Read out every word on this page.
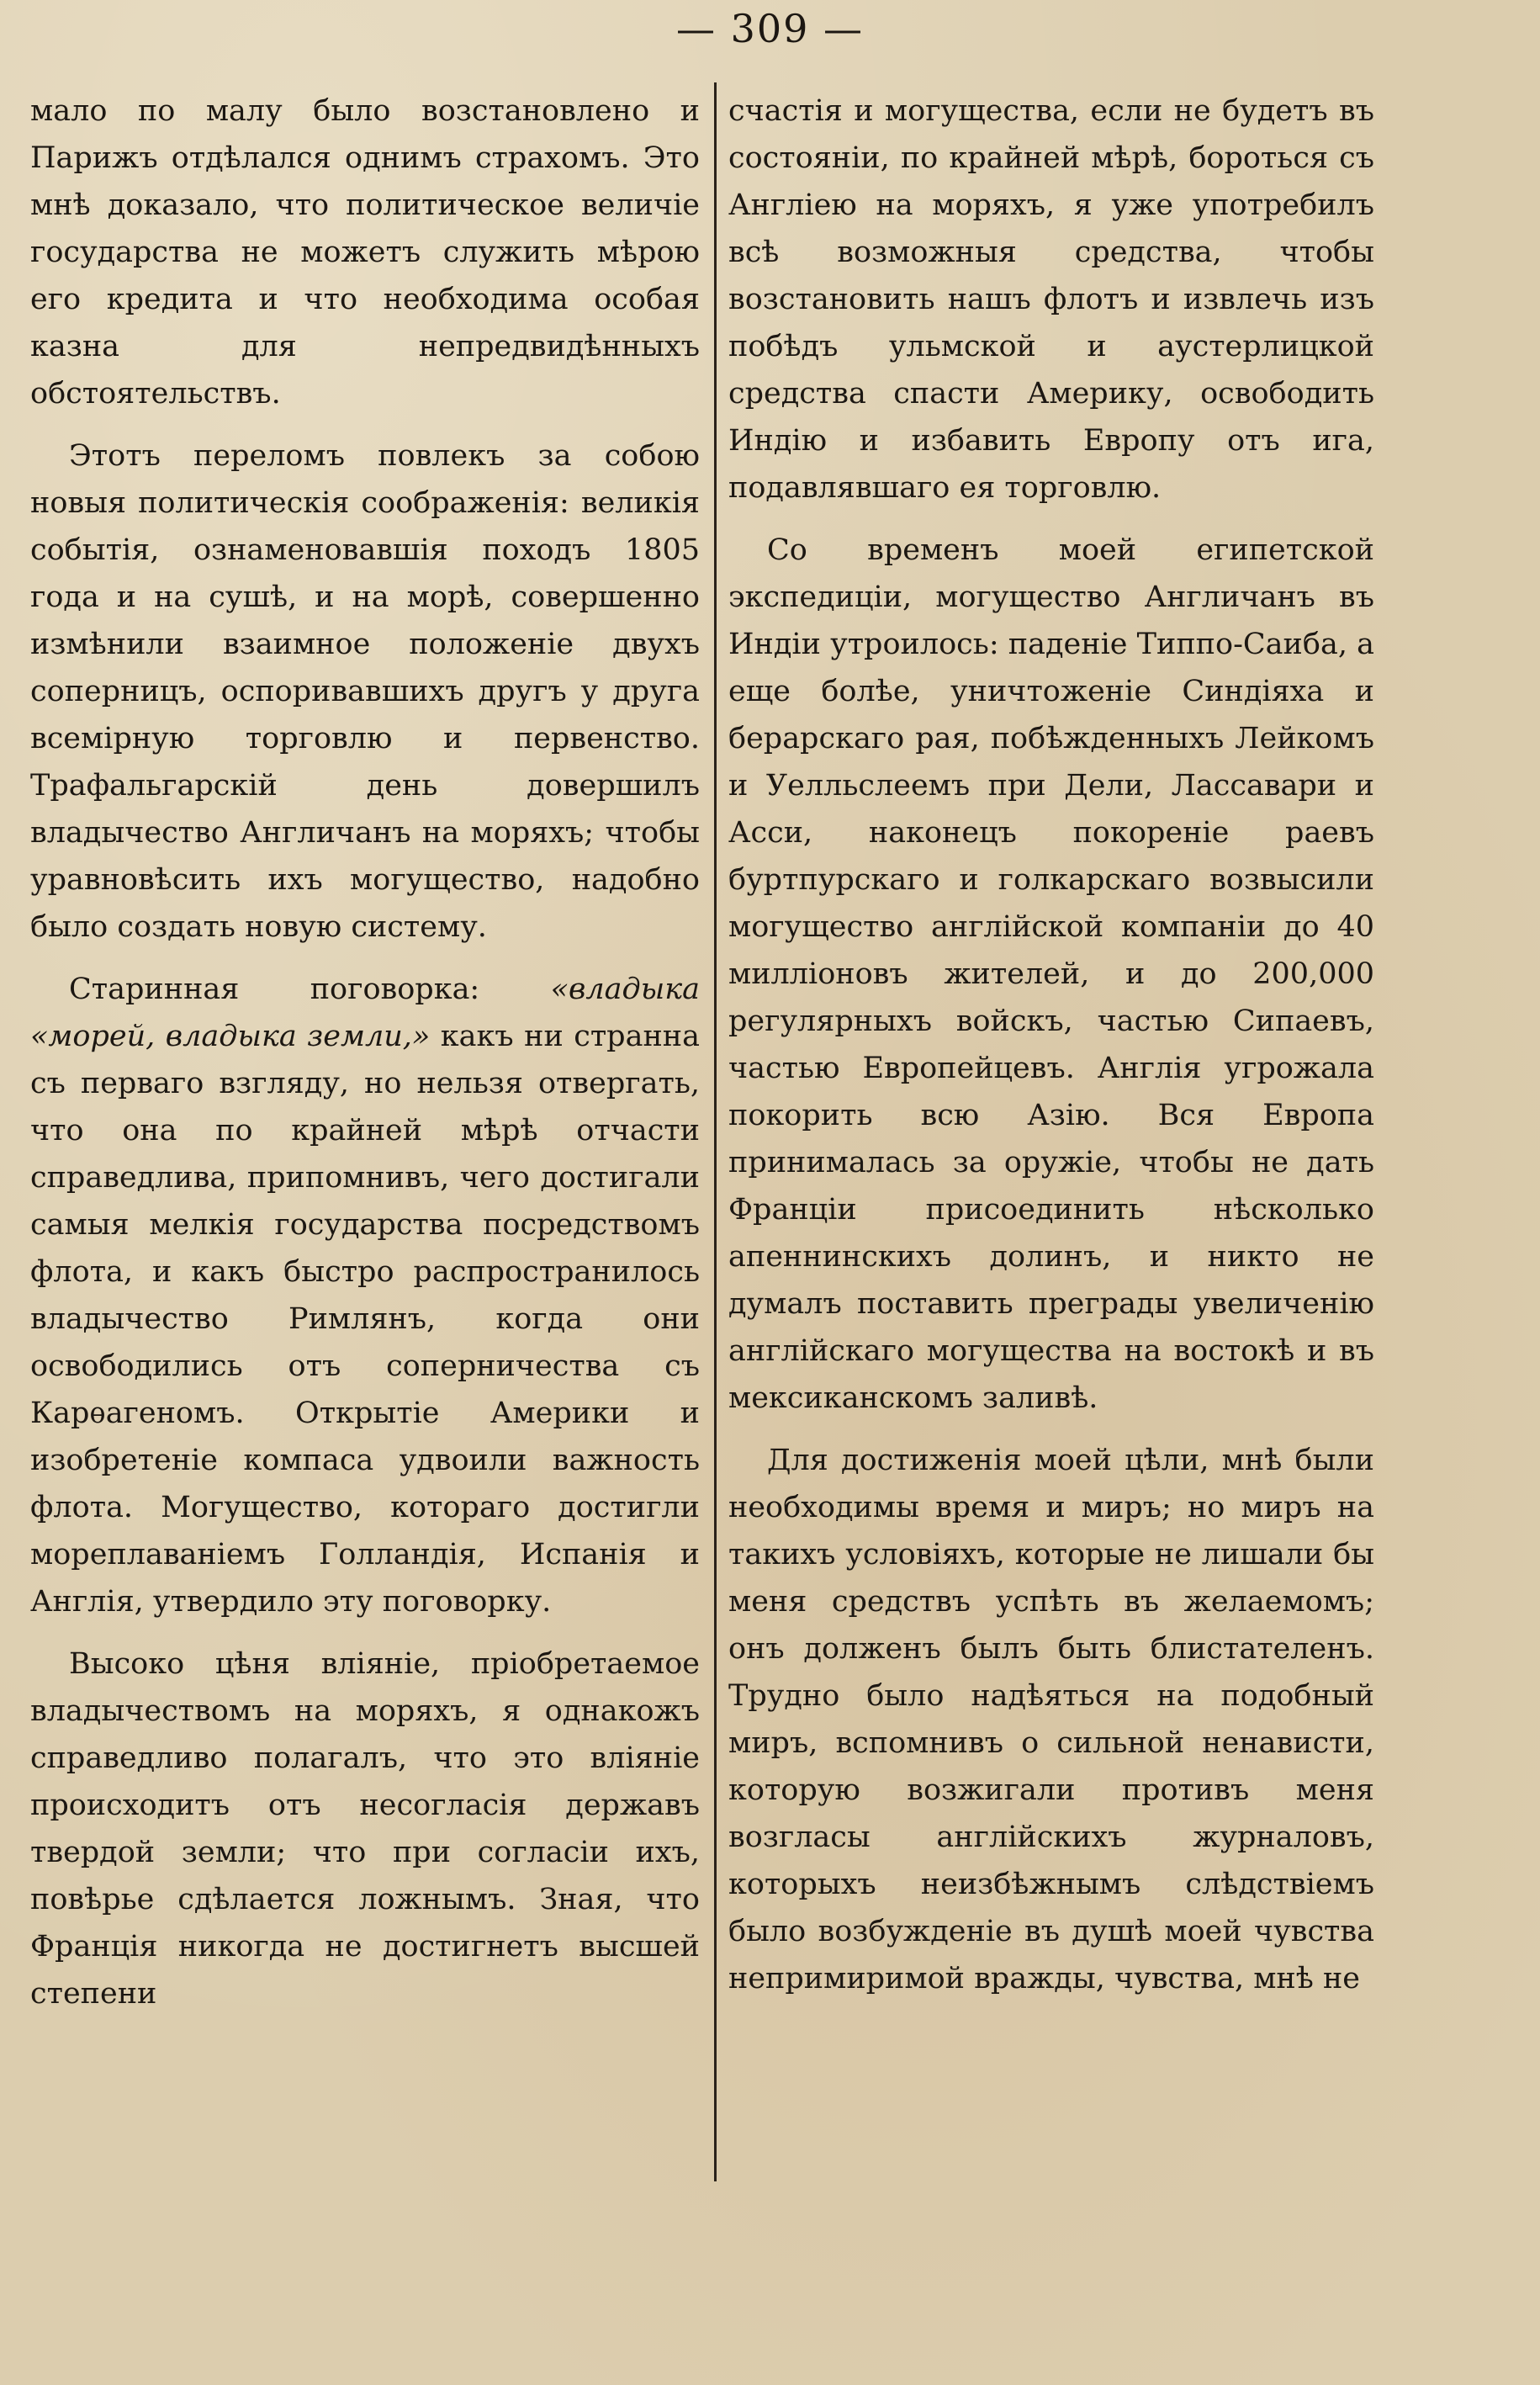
— 309 —

мало по малу было возстановлено и Парижъ отдѣлался однимъ страхомъ. Это мнѣ доказало, что политическое величіе государства не можетъ служить мѣрою его кредита и что необходима особая казна для непредвидѣнныхъ обстоятельствъ.

Этотъ переломъ повлекъ за собою новыя политическія соображенія: великія событія, ознаменовавшія походъ 1805 года и на сушѣ, и на морѣ, совершенно измѣнили взаимное положеніе двухъ соперницъ, оспоривавшихъ другъ у друга всемірную торговлю и первенство. Трафальгарскій день довершилъ владычество Англичанъ на моряхъ; чтобы уравновѣсить ихъ могущество, надобно было создать новую систему.

Старинная поговорка: «владыка «морей, владыка земли,» какъ ни странна съ перваго взгляду, но нельзя отвергать, что она по крайней мѣрѣ отчасти справедлива, припомнивъ, чего достигали самыя мелкія государства посредствомъ флота, и какъ быстро распространилось владычество Римлянъ, когда они освободились отъ соперничества съ Карѳагеномъ. Открытіе Америки и изобретеніе компаса удвоили важность флота. Могущество, котораго достигли мореплаваніемъ Голландія, Испанія и Англія, утвердило эту поговорку.

Высоко цѣня вліяніе, пріобретаемое владычествомъ на моряхъ, я однакожъ справедливо полагалъ, что это вліяніе происходитъ отъ несогласія державъ твердой земли; что при согласіи ихъ, повѣрье сдѣлается ложнымъ. Зная, что Франція никогда не достигнетъ высшей степени

счастія и могущества, если не будетъ въ состояніи, по крайней мѣрѣ, бороться съ Англіею на моряхъ, я уже употребилъ всѣ возможныя средства, чтобы возстановить нашъ флотъ и извлечь изъ побѣдъ ульмской и аустерлицкой средства спасти Америку, освободить Индію и избавить Европу отъ ига, подавлявшаго ея торговлю.

Со временъ моей египетской экспедиціи, могущество Англичанъ въ Индіи утроилось: паденіе Типпо-Саиба, а еще болѣе, уничтоженіе Синдіяха и берарскаго рая, побѣжденныхъ Лейкомъ и Уелльслеемъ при Дели, Лассавари и Асси, наконецъ покореніе раевъ буртпурскаго и голкарскаго возвысили могущество англійской компаніи до 40 милліоновъ жителей, и до 200,000 регулярныхъ войскъ, частью Сипаевъ, частью Европейцевъ. Англія угрожала покорить всю Азію. Вся Европа принималась за оружіе, чтобы не дать Франціи присоединить нѣсколько апеннинскихъ долинъ, и никто не думалъ поставить преграды увеличенію англійскаго могущества на востокѣ и въ мексиканскомъ заливѣ.

Для достиженія моей цѣли, мнѣ были необходимы время и миръ; но миръ на такихъ условіяхъ, которые не лишали бы меня средствъ успѣть въ желаемомъ; онъ долженъ былъ быть блистателенъ. Трудно было надѣяться на подобный миръ, вспомнивъ о сильной ненависти, которую возжигали противъ меня возгласы англійскихъ журналовъ, которыхъ неизбѣжнымъ слѣдствіемъ было возбужденіе въ душѣ моей чувства непримиримой вражды, чувства, мнѣ не
